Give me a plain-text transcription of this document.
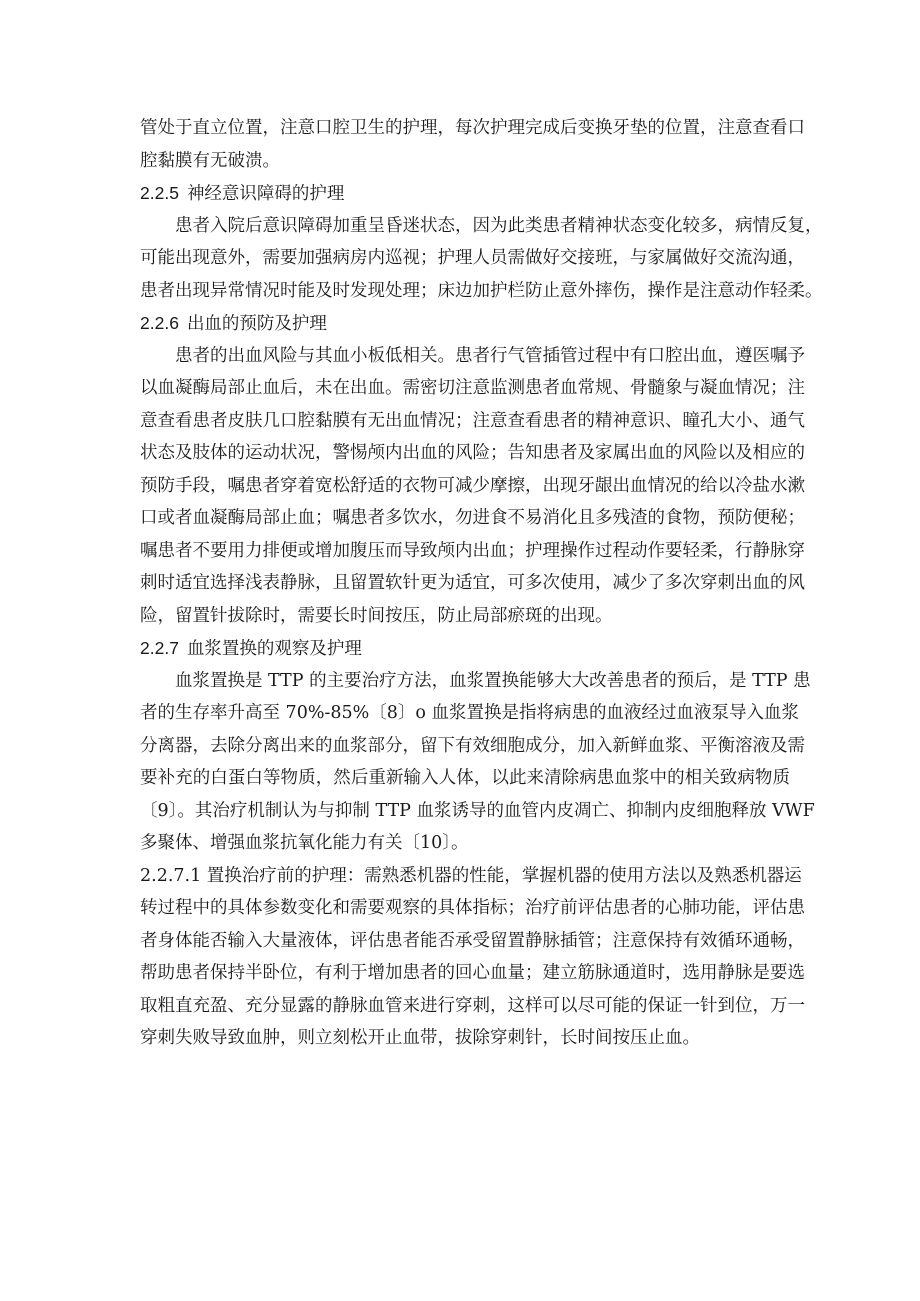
管处于直立位置，注意口腔卫生的护理，每次护理完成后变换牙垫的位置，注意查看口
腔黏膜有无破溃。
2.2.5 神经意识障碍的护理
患者入院后意识障碍加重呈昏迷状态，因为此类患者精神状态变化较多，病情反复，
可能出现意外，需要加强病房内巡视；护理人员需做好交接班，与家属做好交流沟通，
患者出现异常情况时能及时发现处理；床边加护栏防止意外摔伤，操作是注意动作轻柔。
2.2.6 出血的预防及护理
患者的出血风险与其血小板低相关。患者行气管插管过程中有口腔出血，遵医嘱予
以血凝酶局部止血后，未在出血。需密切注意监测患者血常规、骨髓象与凝血情况；注
意查看患者皮肤几口腔黏膜有无出血情况；注意查看患者的精神意识、瞳孔大小、通气
状态及肢体的运动状况，警惕颅内出血的风险；告知患者及家属出血的风险以及相应的
预防手段，嘱患者穿着宽松舒适的衣物可减少摩擦，出现牙龈出血情况的给以冷盐水漱
口或者血凝酶局部止血；嘱患者多饮水，勿进食不易消化且多残渣的食物，预防便秘；
嘱患者不要用力排便或增加腹压而导致颅内出血；护理操作过程动作要轻柔，行静脉穿
刺时适宜选择浅表静脉，且留置软针更为适宜，可多次使用，减少了多次穿刺出血的风
险，留置针拔除时，需要长时间按压，防止局部瘀斑的出现。
2.2.7 血浆置换的观察及护理
血浆置换是 TTP 的主要治疗方法，血浆置换能够大大改善患者的预后，是 TTP 患
者的生存率升高至 70%-85%〔8〕o 血浆置换是指将病患的血液经过血液泵导入血浆
分离器，去除分离出来的血浆部分，留下有效细胞成分，加入新鲜血浆、平衡溶液及需
要补充的白蛋白等物质，然后重新输入人体，以此来清除病患血浆中的相关致病物质
〔9〕。其治疗机制认为与抑制 TTP 血浆诱导的血管内皮凋亡、抑制内皮细胞释放 VWF
多聚体、增强血浆抗氧化能力有关〔10〕。
2.2.7.1 置换治疗前的护理：需熟悉机器的性能，掌握机器的使用方法以及熟悉机器运
转过程中的具体参数变化和需要观察的具体指标；治疗前评估患者的心肺功能，评估患
者身体能否输入大量液体，评估患者能否承受留置静脉插管；注意保持有效循环通畅，
帮助患者保持半卧位，有利于增加患者的回心血量；建立筋脉通道时，选用静脉是要选
取粗直充盈、充分显露的静脉血管来进行穿刺，这样可以尽可能的保证一针到位，万一
穿刺失败导致血肿，则立刻松开止血带，拔除穿刺针，长时间按压止血。
